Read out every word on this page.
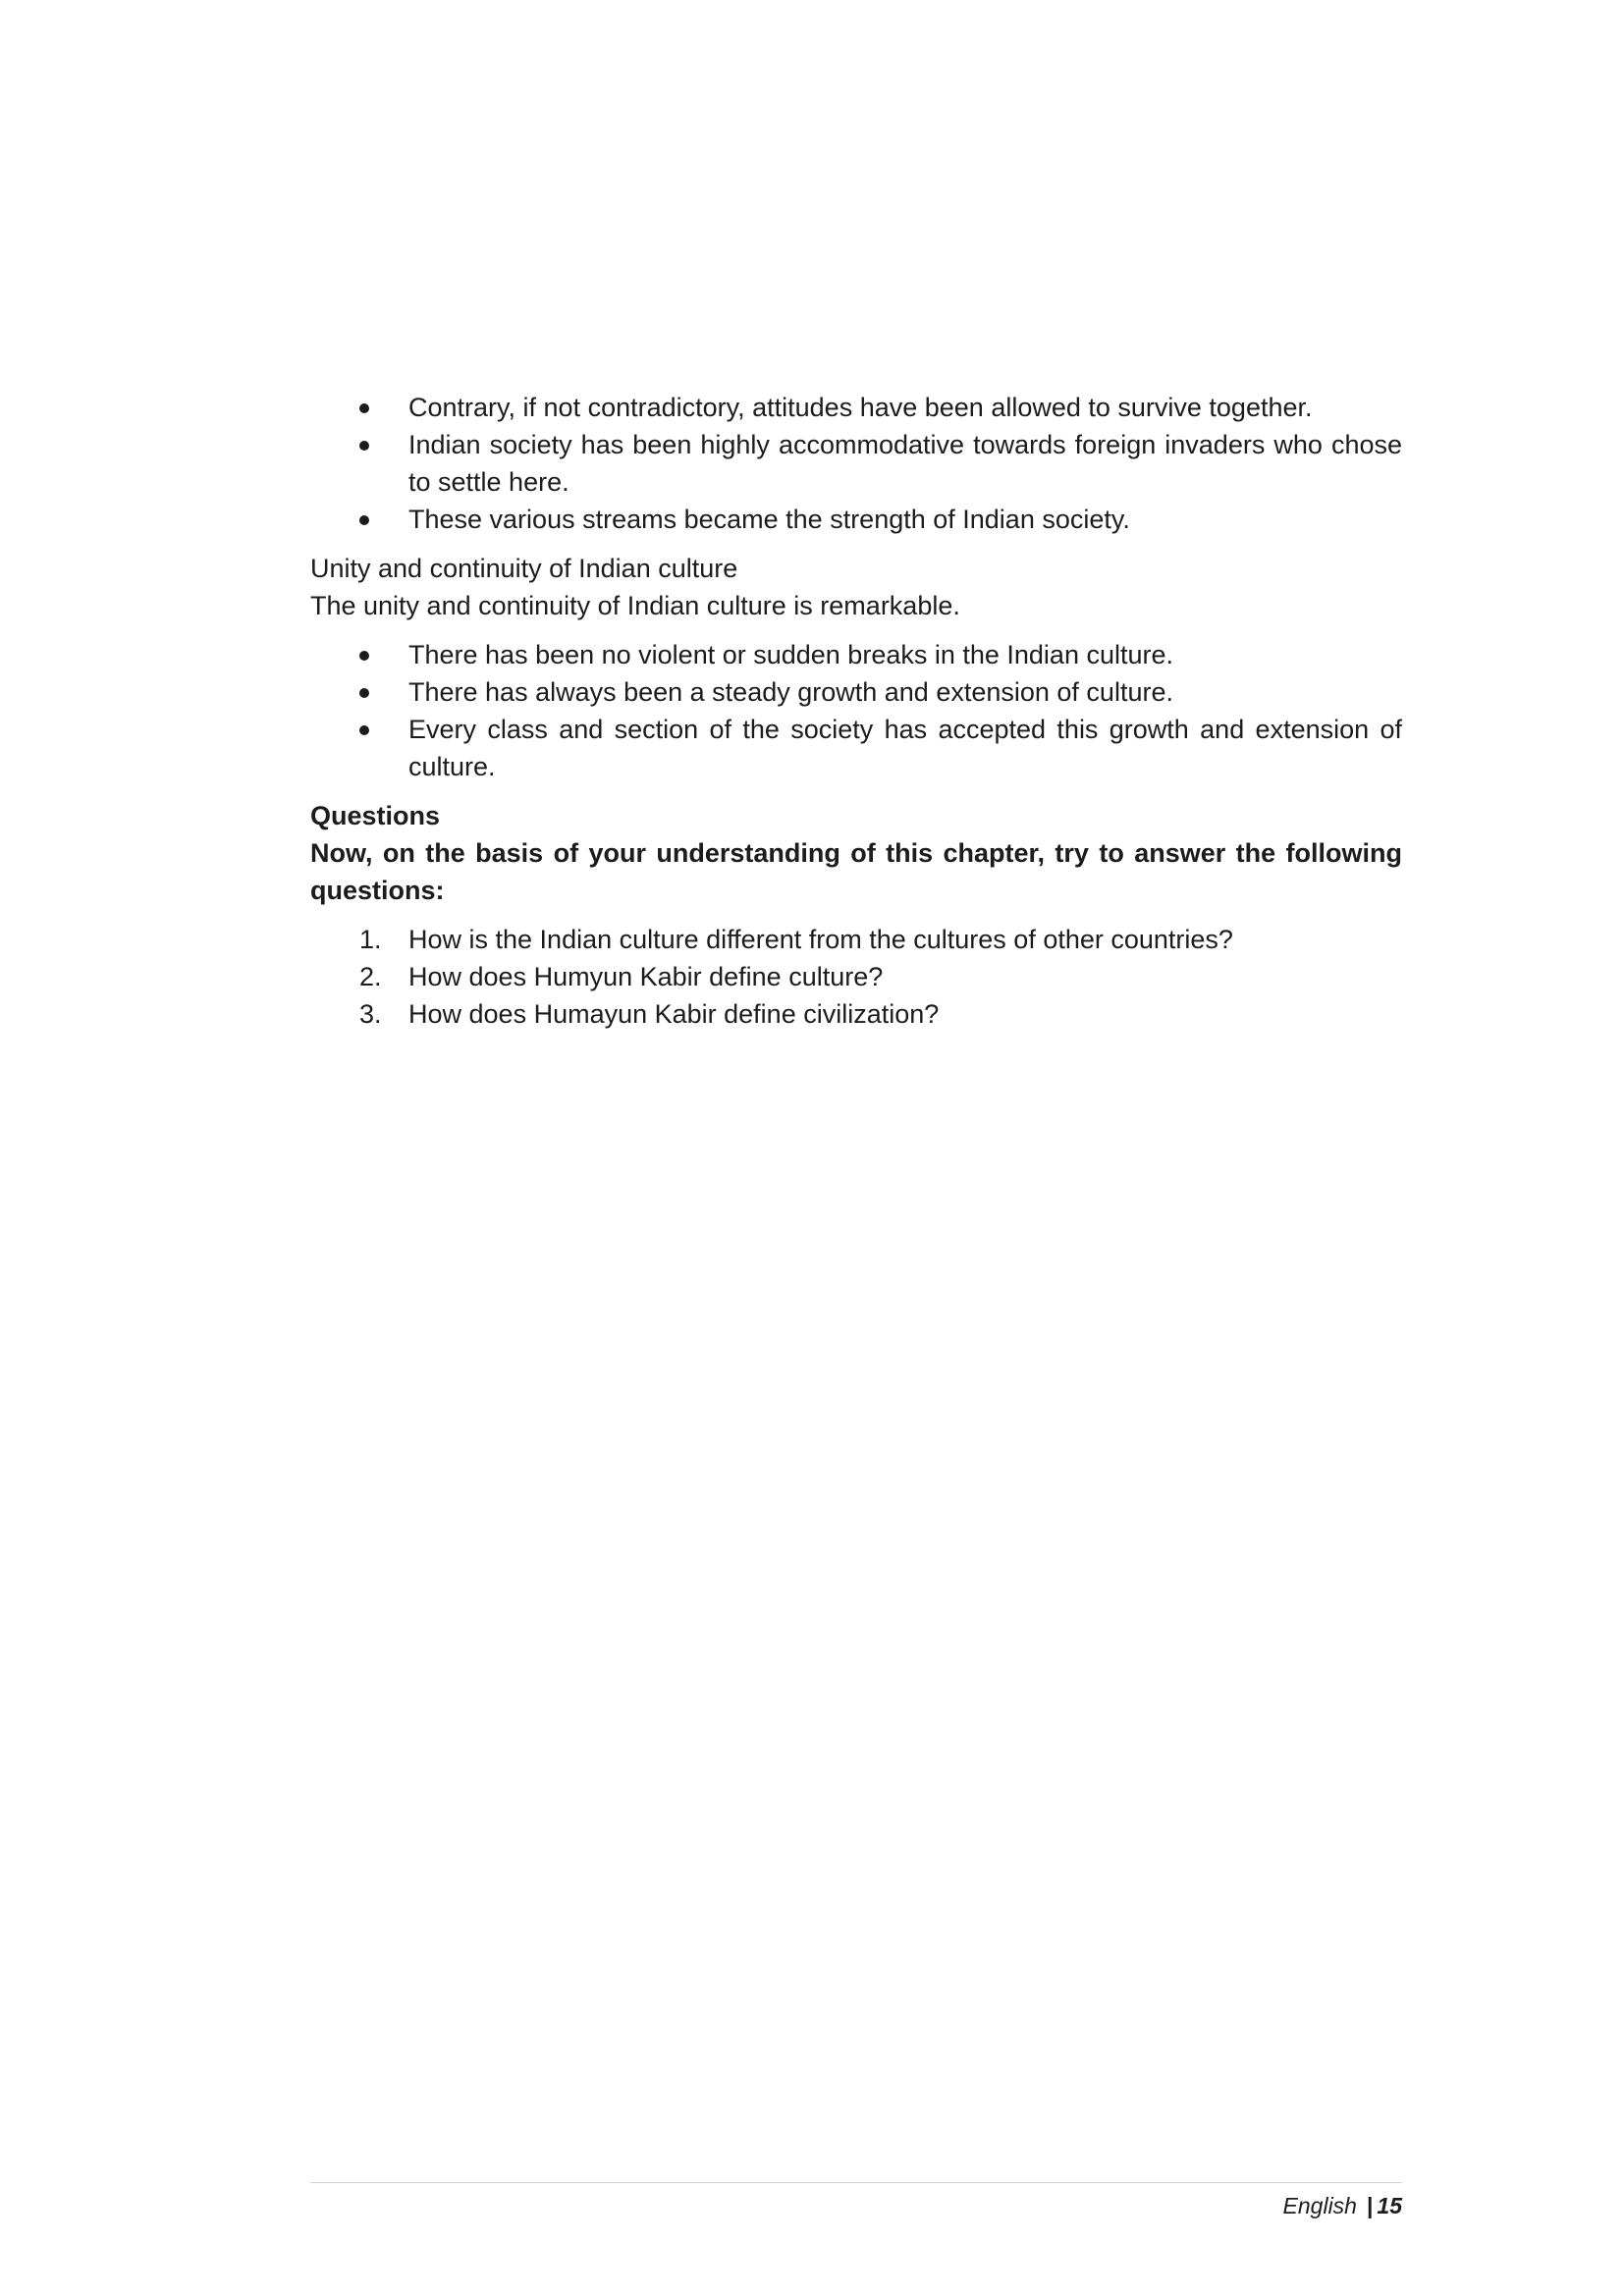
Contrary, if not contradictory, attitudes have been allowed to survive together.
Indian society has been highly accommodative towards foreign invaders who chose to settle here.
These various streams became the strength of Indian society.
Unity and continuity of Indian culture
The unity and continuity of Indian culture is remarkable.
There has been no violent or sudden breaks in the Indian culture.
There has always been a steady growth and extension of culture.
Every class and section of the society has accepted this growth and extension of culture.
Questions
Now, on the basis of your understanding of this chapter, try to answer the following questions:
1. How is the Indian culture different from the cultures of other countries?
2. How does Humyun Kabir define culture?
3. How does Humayun Kabir define civilization?
English | 15
